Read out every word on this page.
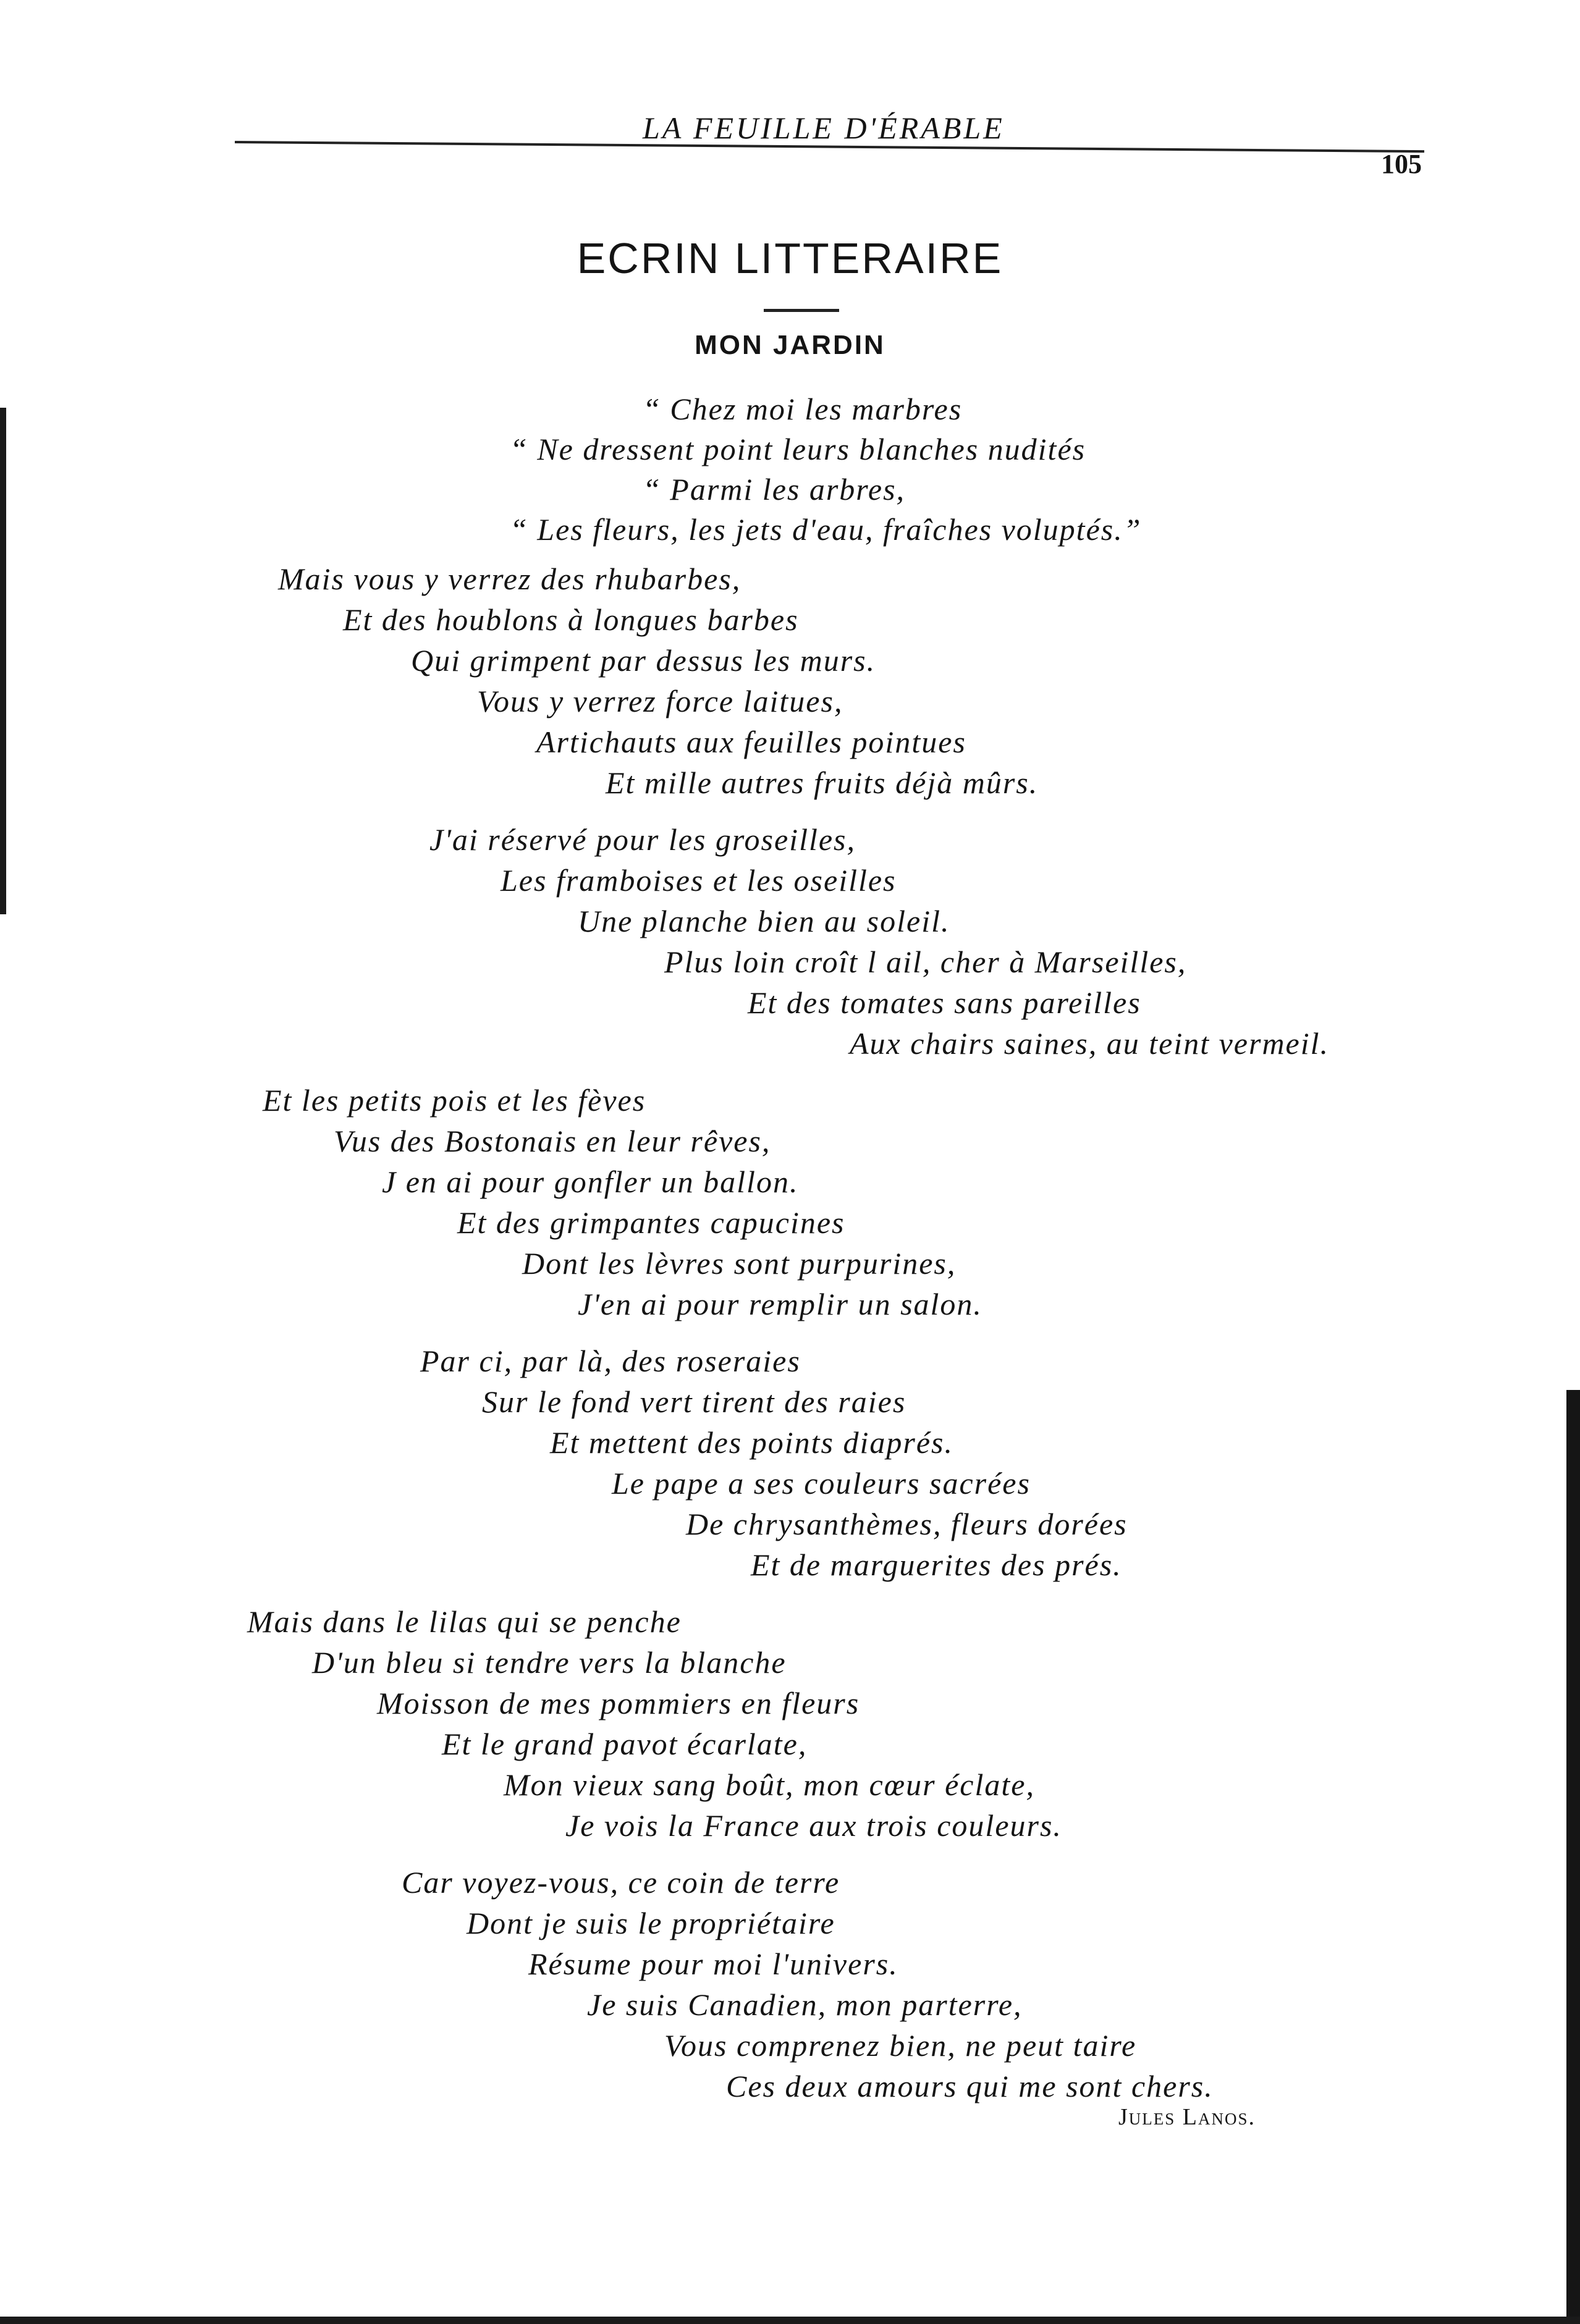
LA FEUILLE D'ÉRABLE
105
ECRIN LITTERAIRE
MON JARDIN
“ Chez moi les marbres
“ Ne dressent point leurs blanches nudités
“ Parmi les arbres,
“ Les fleurs, les jets d'eau, fraîches voluptés.”
Mais vous y verrez des rhubarbes,
Et des houblons à longues barbes
Qui grimpent par dessus les murs.
Vous y verrez force laitues,
Artichauts aux feuilles pointues
Et mille autres fruits déjà mûrs.
J'ai réservé pour les groseilles,
Les framboises et les oseilles
Une planche bien au soleil.
Plus loin croît l ail, cher à Marseilles,
Et des tomates sans pareilles
Aux chairs saines, au teint vermeil.
Et les petits pois et les fèves
Vus des Bostonais en leur rêves,
J en ai pour gonfler un ballon.
Et des grimpantes capucines
Dont les lèvres sont purpurines,
J'en ai pour remplir un salon.
Par ci, par là, des roseraies
Sur le fond vert tirent des raies
Et mettent des points diaprés.
Le pape a ses couleurs sacrées
De chrysanthèmes, fleurs dorées
Et de marguerites des prés.
Mais dans le lilas qui se penche
D'un bleu si tendre vers la blanche
Moisson de mes pommiers en fleurs
Et le grand pavot écarlate,
Mon vieux sang boût, mon cœur éclate,
Je vois la France aux trois couleurs.
Car voyez-vous, ce coin de terre
Dont je suis le propriétaire
Résume pour moi l'univers.
Je suis Canadien, mon parterre,
Vous comprenez bien, ne peut taire
Ces deux amours qui me sont chers.
Jules Lanos.
